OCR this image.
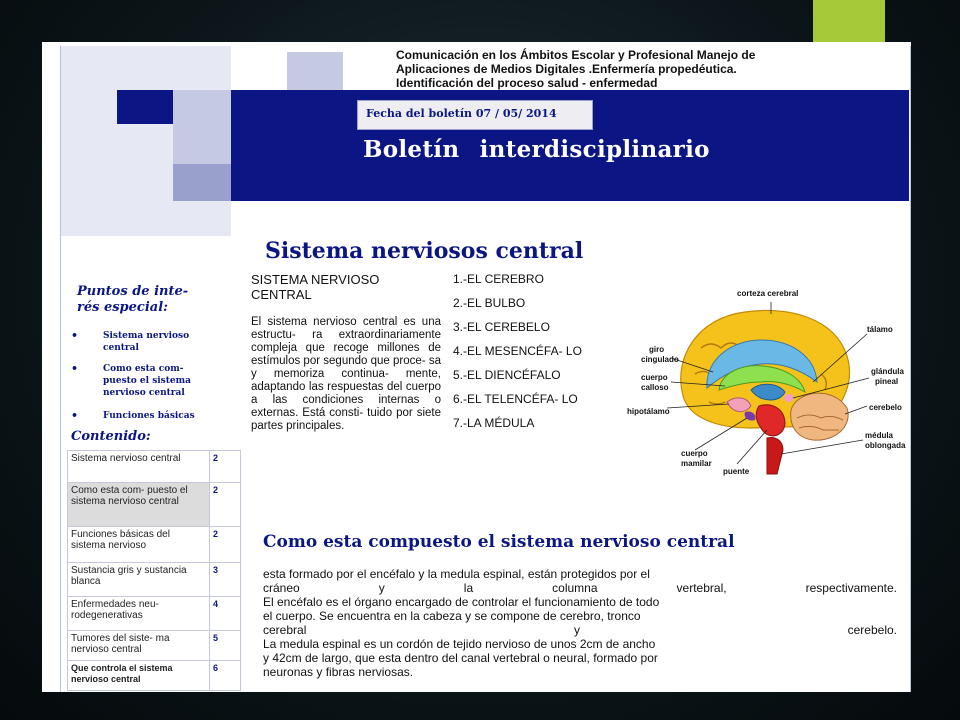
Comunicación en los Ámbitos Escolar y Profesional Manejo de
Aplicaciones de Medios Digitales .Enfermería propedéutica.
Identificación del proceso salud - enfermedad
Fecha del boletín 07 / 05/ 2014
Boletín interdisciplinario
Sistema nerviosos central
Puntos de inte-
rés especial:
• Sistema nervioso central
• Como esta com- puesto el sistema nervioso central
• Funciones básicas
Contenido:
Sistema nervioso central	2
Como esta com- puesto el sistema nervioso central	2
Funciones básicas del sistema nervioso	2
Sustancia gris y sustancia blanca	3
Enfermedades neu- rodegenerativas	4
Tumores del siste- ma nervioso central	5
Que controla el sistema nervioso central	6
SISTEMA NERVIOSO CENTRAL

El sistema nervioso central es una estructu- ra extraordinariamente compleja que recoge millones de estímulos por segundo que proce- sa y memoriza continua- mente, adaptando las respuestas del cuerpo a las condiciones internas o externas. Está consti- tuido por siete partes principales.

1.-EL CEREBRO
2.-EL BULBO
3.-EL CEREBELO
4.-EL MESENCÉFA- LO
5.-EL DIENCÉFALO
6.-EL TELENCÉFA- LO
7.-LA MÉDULA
corteza cerebral
tálamo
giro
cingulado
glándula
pineal
cuerpo
calloso
cerebelo
hipotálamo
médula
oblongada
cuerpo
mamilar
puente
Como esta compuesto el sistema nervioso central
esta formado por el encéfalo y la medula espinal, están protegidos por el
cráneo y la columna vertebral, respectivamente.
El encéfalo es el órgano encargado de controlar el funcionamiento de todo
el cuerpo. Se encuentra en la cabeza y se compone de cerebro, tronco
cerebral y cerebelo.
La medula espinal es un cordón de tejido nervioso de unos 2cm de ancho
y 42cm de largo, que esta dentro del canal vertebral o neural, formado por
neuronas y fibras nerviosas.
